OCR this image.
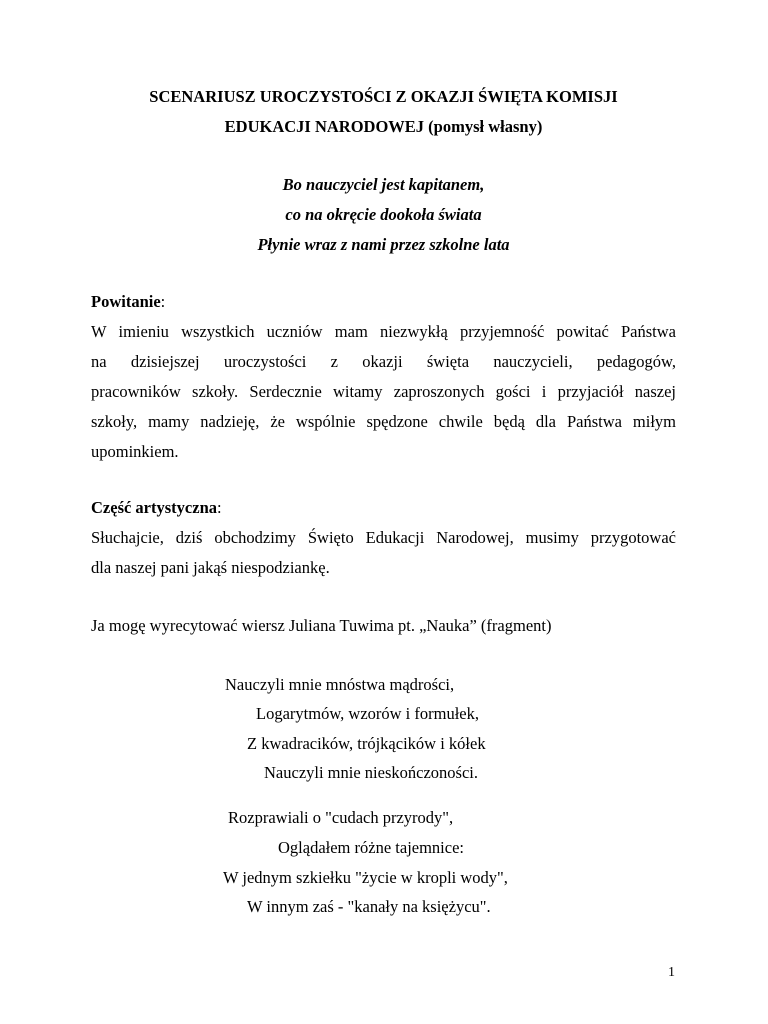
SCENARIUSZ UROCZYSTOŚCI Z OKAZJI ŚWIĘTA KOMISJI
EDUKACJI NARODOWEJ (pomysł własny)
Bo nauczyciel jest kapitanem,
co na okręcie dookoła świata
Płynie wraz z nami przez szkolne lata
Powitanie:
W imieniu wszystkich uczniów mam niezwykłą przyjemność powitać Państwa
na dzisiejszej uroczystości z okazji święta nauczycieli, pedagogów,
pracowników szkoły. Serdecznie witamy zaproszonych gości i przyjaciół naszej
szkoły, mamy nadzieję, że wspólnie spędzone chwile będą dla Państwa miłym
upominkiem.
Część artystyczna:
Słuchajcie, dziś obchodzimy Święto Edukacji Narodowej, musimy przygotować
dla naszej pani jakąś niespodziankę.
Ja mogę wyrecytować wiersz Juliana Tuwima pt. „Nauka” (fragment)
Nauczyli mnie mnóstwa mądrości,
Logarytmów, wzorów i formułek,
Z kwadracików, trójkącików i kółek
Nauczyli mnie nieskończoności.
Rozprawiali o "cudach przyrody",
Oglądałem różne tajemnice:
W jednym szkiełku "życie w kropli wody",
W innym zaś - "kanały na księżycu".
1
